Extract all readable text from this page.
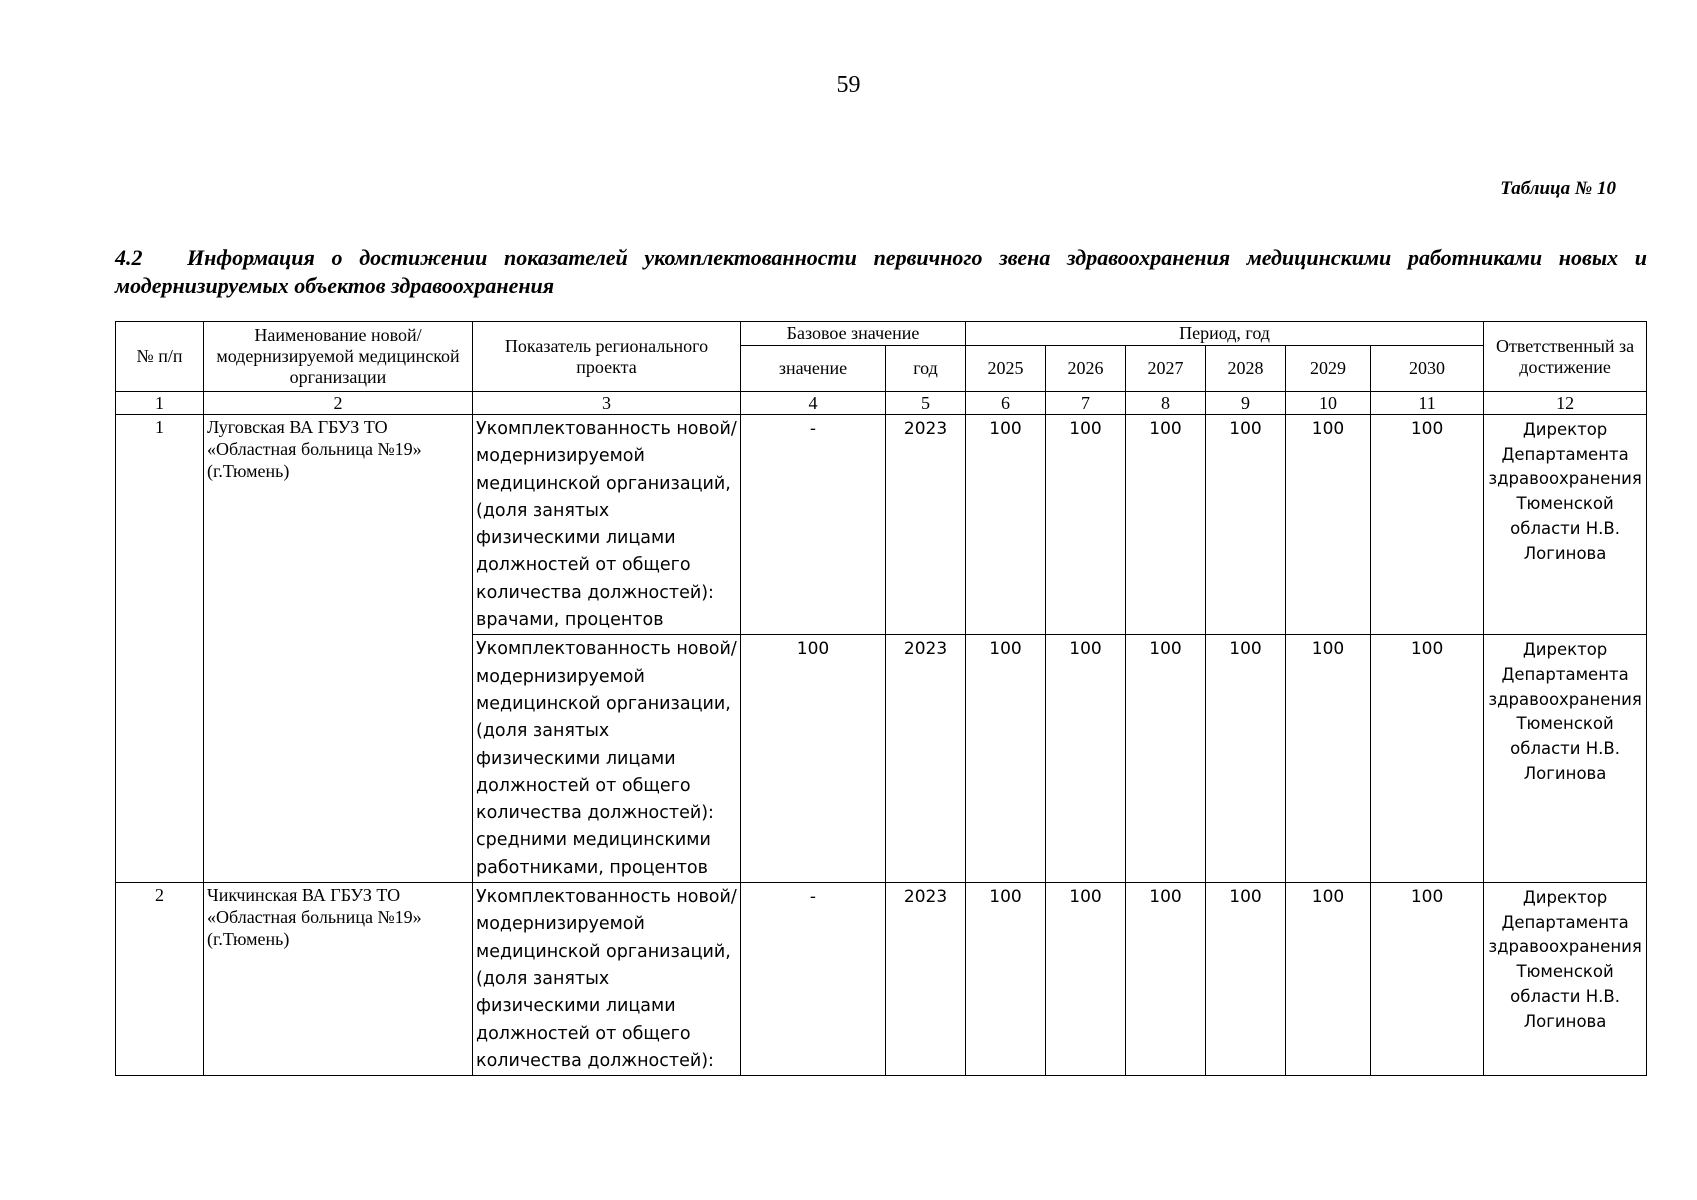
59
Таблица № 10
4.2 Информация о достижении показателей укомплектованности первичного звена здравоохранения медицинскими работниками новых и модернизируемых объектов здравоохранения
№ п/п	Наименование новой/модернизируемой медицинской организации	Показатель регионального проекта	Базовое значение		Период, год						Ответственный за достижение
			значение	год	2025	2026	2027	2028	2029	2030	
1	2	3	4	5	6	7	8	9	10	11	12
1	Луговская ВА ГБУЗ ТО «Областная больница №19» (г.Тюмень)	Укомплектованность новой/модернизируемой медицинской организаций, (доля занятых физическими лицами должностей от общего количества должностей): врачами, процентов	-	2023	100	100	100	100	100	100	Директор Департамента здравоохранения Тюменской области Н.В. Логинова
		Укомплектованность новой/модернизируемой медицинской организации, (доля занятых физическими лицами должностей от общего количества должностей): средними медицинскими работниками, процентов	100	2023	100	100	100	100	100	100	Директор Департамента здравоохранения Тюменской области Н.В. Логинова
2	Чикчинская ВА ГБУЗ ТО «Областная больница №19» (г.Тюмень)	Укомплектованность новой/модернизируемой медицинской организаций, (доля занятых физическими лицами должностей от общего количества должностей):	-	2023	100	100	100	100	100	100	Директор Департамента здравоохранения Тюменской области Н.В. Логинова
